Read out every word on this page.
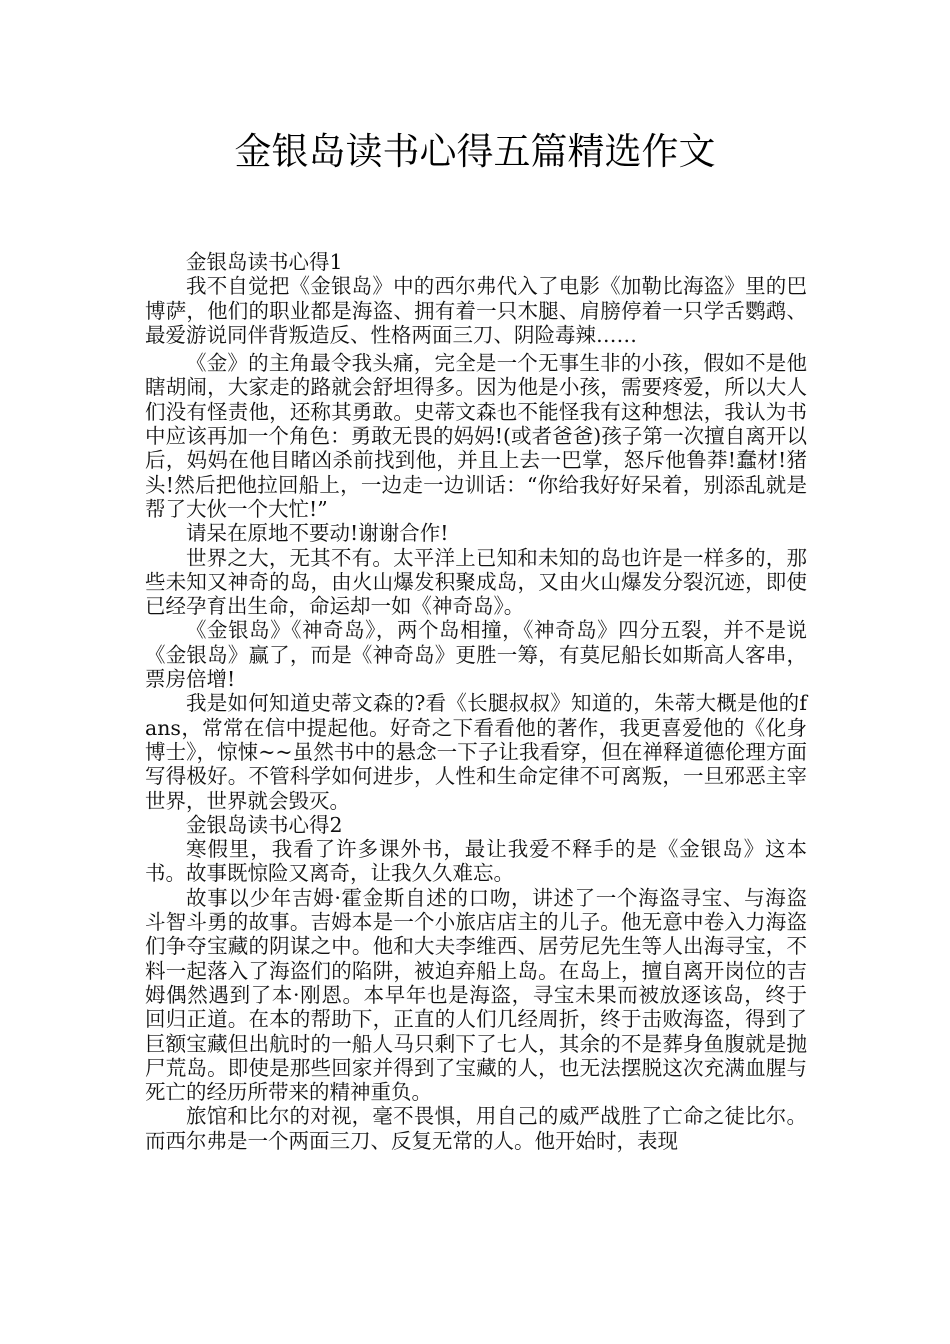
金银岛读书心得五篇精选作文

金银岛读书心得1

我不自觉把《金银岛》中的西尔弗代入了电影《加勒比海盗》里的巴博萨，他们的职业都是海盗、拥有着一只木腿、肩膀停着一只学舌鹦鹉、最爱游说同伴背叛造反、性格两面三刀、阴险毒辣……

《金》的主角最令我头痛，完全是一个无事生非的小孩，假如不是他瞎胡闹，大家走的路就会舒坦得多。因为他是小孩，需要疼爱，所以大人们没有怪责他，还称其勇敢。史蒂文森也不能怪我有这种想法，我认为书中应该再加一个角色：勇敢无畏的妈妈!(或者爸爸)孩子第一次擅自离开以后，妈妈在他目睹凶杀前找到他，并且上去一巴掌，怒斥他鲁莽!蠢材!猪头!然后把他拉回船上，一边走一边训话：“你给我好好呆着，别添乱就是帮了大伙一个大忙!”

请呆在原地不要动!谢谢合作!

世界之大，无其不有。太平洋上已知和未知的岛也许是一样多的，那些未知又神奇的岛，由火山爆发积聚成岛，又由火山爆发分裂沉迹，即使已经孕育出生命，命运却一如《神奇岛》。

《金银岛》《神奇岛》，两个岛相撞，《神奇岛》四分五裂，并不是说《金银岛》赢了，而是《神奇岛》更胜一筹，有莫尼船长如斯高人客串，票房倍增!

我是如何知道史蒂文森的?看《长腿叔叔》知道的，朱蒂大概是他的fans，常常在信中提起他。好奇之下看看他的著作，我更喜爱他的《化身博士》，惊悚~~虽然书中的悬念一下子让我看穿，但在禅释道德伦理方面写得极好。不管科学如何进步，人性和生命定律不可离叛，一旦邪恶主宰世界，世界就会毁灭。

金银岛读书心得2

寒假里，我看了许多课外书，最让我爱不释手的是《金银岛》这本书。故事既惊险又离奇，让我久久难忘。

故事以少年吉姆·霍金斯自述的口吻，讲述了一个海盗寻宝、与海盗斗智斗勇的故事。吉姆本是一个小旅店店主的儿子。他无意中卷入力海盗们争夺宝藏的阴谋之中。他和大夫李维西、居劳尼先生等人出海寻宝，不料一起落入了海盗们的陷阱，被迫弃船上岛。在岛上，擅自离开岗位的吉姆偶然遇到了本·刚恩。本早年也是海盗，寻宝未果而被放逐该岛，终于回归正道。在本的帮助下，正直的人们几经周折，终于击败海盗，得到了巨额宝藏但出航时的一船人马只剩下了七人，其余的不是葬身鱼腹就是抛尸荒岛。即使是那些回家并得到了宝藏的人，也无法摆脱这次充满血腥与死亡的经历所带来的精神重负。

旅馆和比尔的对视，毫不畏惧，用自己的威严战胜了亡命之徒比尔。而西尔弗是一个两面三刀、反复无常的人。他开始时，表现
